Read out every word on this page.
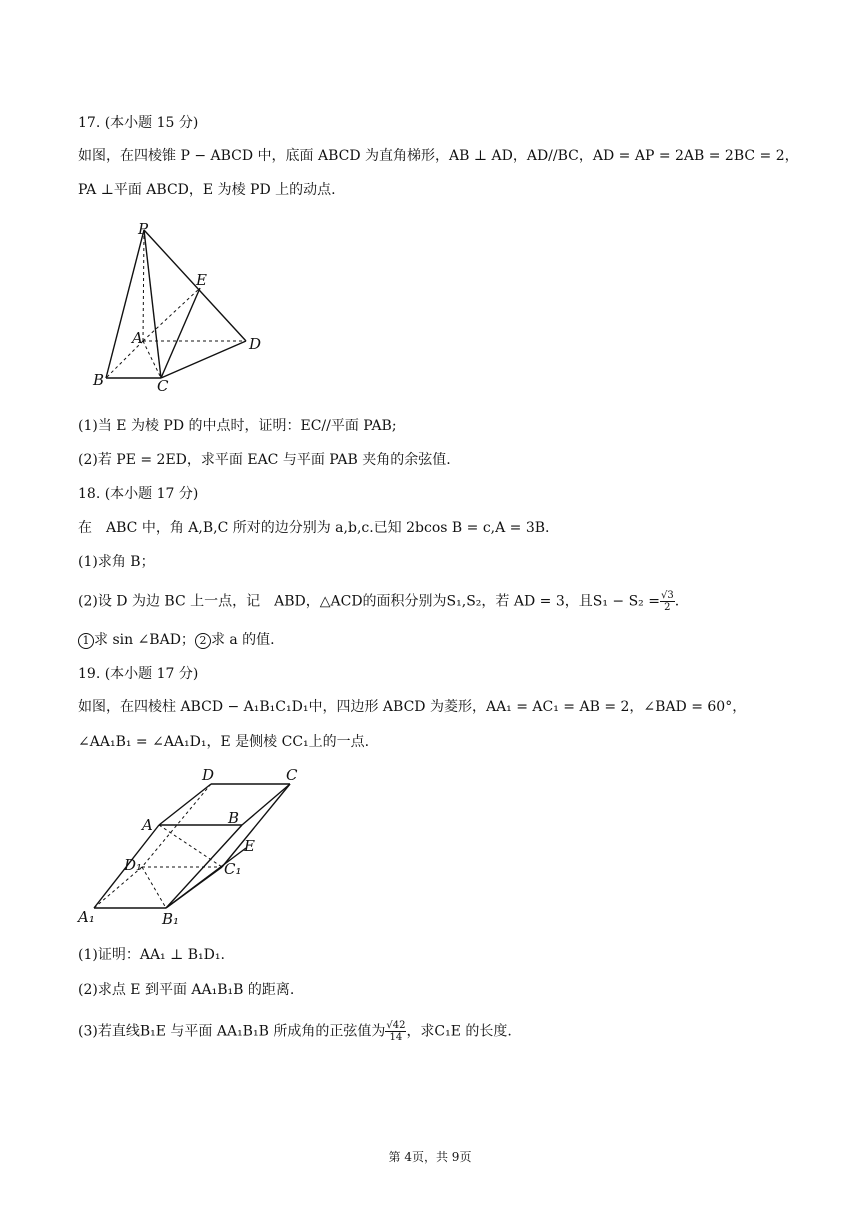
17. (本小题 15 分)
如图，在四棱锥 P − ABCD 中，底面 ABCD 为直角梯形，AB ⊥ AD，AD//BC，AD = AP = 2AB = 2BC = 2，
PA ⊥平面 ABCD，E 为棱 PD 上的动点.
P
E
A	D
B	C
(1)当 E 为棱 PD 的中点时，证明：EC//平面 PAB;
(2)若 PE = 2ED，求平面 EAC 与平面 PAB 夹角的余弦值.
18. (本小题 17 分)
在　ABC 中，角 A,B,C 所对的边分别为 a,b,c.已知 2bcos B = c,A = 3B.
(1)求角 B；
(2)设 D 为边 BC 上一点，记　ABD，△ACD的面积分别为S₁,S₂，若 AD = 3，且$S_1 - S_2 = \frac{√3}{2}$ .
1 求 sin ∠BAD； 2 求 a 的值.
19. (本小题 17 分)
如图，在四棱柱 ABCD − A₁B₁C₁D₁中，四边形 ABCD 为菱形，AA₁ = AC₁ = AB = 2，∠BAD = 60°，
∠AA₁B₁ = ∠AA₁D₁，E 是侧棱 CC₁上的一点.
D	C
A	B
E
D₁	C₁
A₁	B₁
(1)证明：AA₁ ⊥ B₁D₁.
(2)求点 E 到平面 AA₁B₁B 的距离.
(3)若直线B₁E 与平面 AA₁B₁B 所成角的正弦值为 $\frac{√42}{14}$ ，求C₁E 的长度.
第 4页，共 9页
